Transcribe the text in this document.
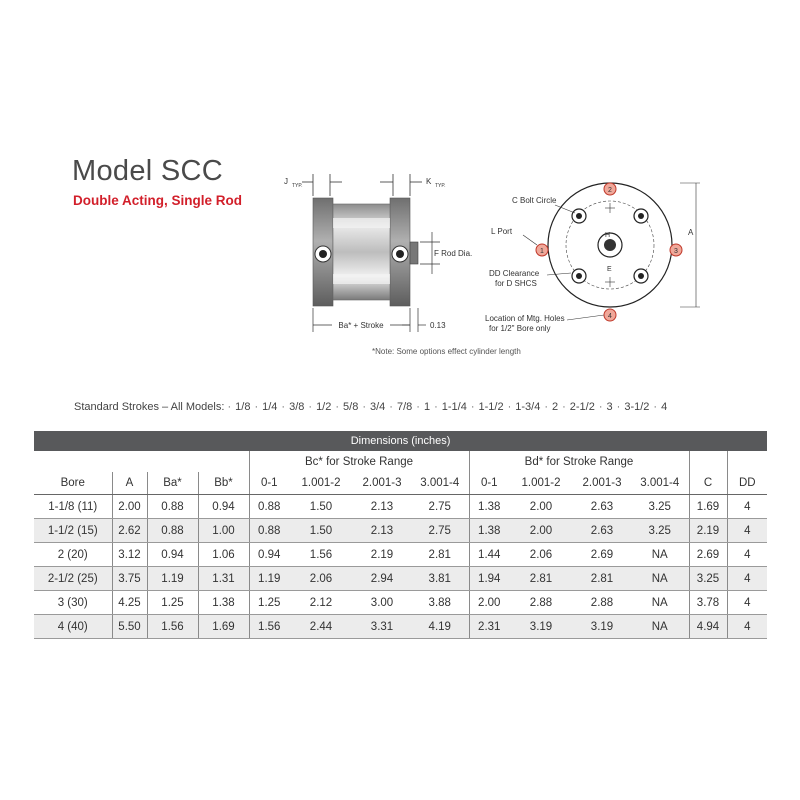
Model SCC
Double Acting, Single Rod
J TYP.	K TYP.
F Rod Dia.
Ba* + Stroke	0.13
H
E
2
3
1
4
A
C Bolt Circle
L Port
DD Clearance
for D SHCS
Location of Mtg. Holes
for 1/2" Bore only
*Note: Some options effect cylinder length
Standard Strokes – All Models: · 1/8 · 1/4 · 3/8 · 1/2 · 5/8 · 3/4 · 7/8 · 1 · 1-1/4 · 1-1/2 · 1-3/4 · 2 · 2-1/2 · 3 · 3-1/2 · 4
Dimensions (inches)													
				Bc* for Stroke Range				Bd* for Stroke Range					
Bore	A	Ba*	Bb*	0-1	1.001-2	2.001-3	3.001-4	0-1	1.001-2	2.001-3	3.001-4	C	DD
1-1/8 (11)	2.00	0.88	0.94	0.88	1.50	2.13	2.75	1.38	2.00	2.63	3.25	1.69	4
1-1/2 (15)	2.62	0.88	1.00	0.88	1.50	2.13	2.75	1.38	2.00	2.63	3.25	2.19	4
2 (20)	3.12	0.94	1.06	0.94	1.56	2.19	2.81	1.44	2.06	2.69	NA	2.69	4
2-1/2 (25)	3.75	1.19	1.31	1.19	2.06	2.94	3.81	1.94	2.81	2.81	NA	3.25	4
3 (30)	4.25	1.25	1.38	1.25	2.12	3.00	3.88	2.00	2.88	2.88	NA	3.78	4
4 (40)	5.50	1.56	1.69	1.56	2.44	3.31	4.19	2.31	3.19	3.19	NA	4.94	4
